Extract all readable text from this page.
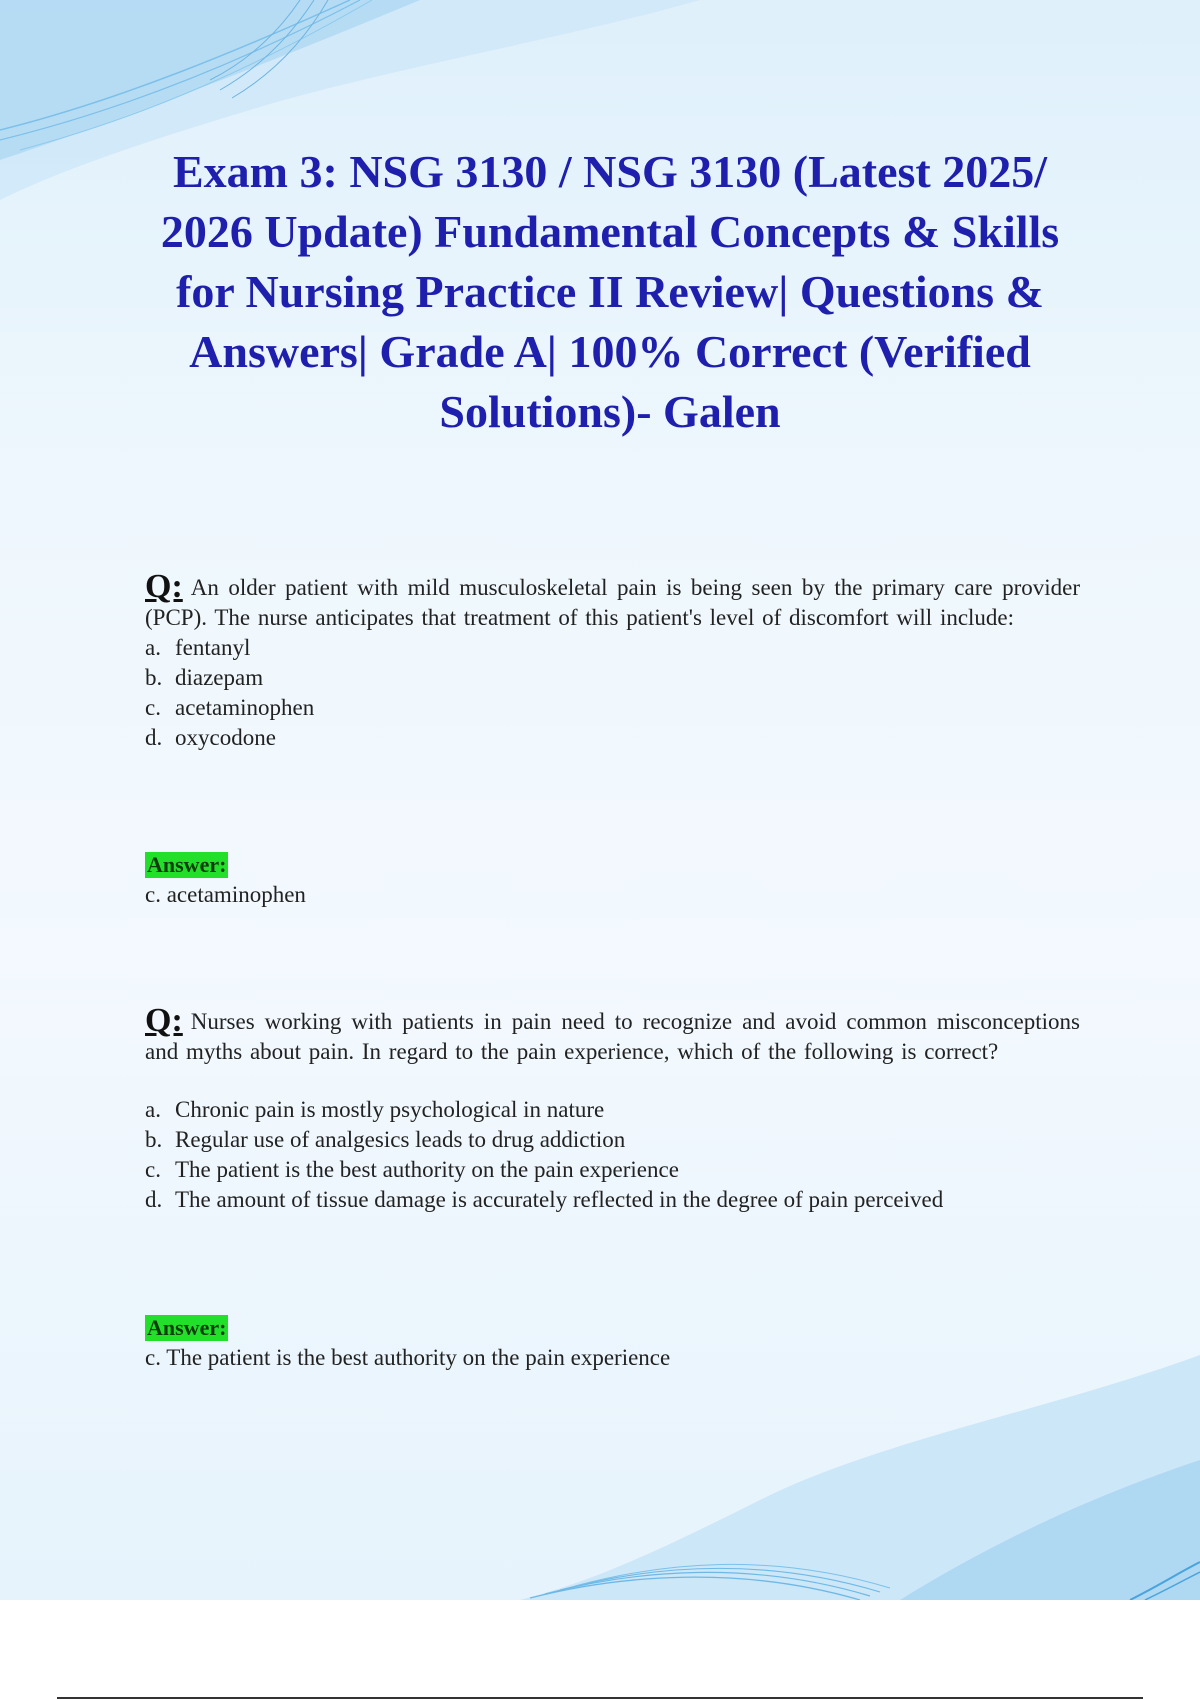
Exam 3: NSG 3130 / NSG 3130 (Latest 2025/ 2026 Update) Fundamental Concepts & Skills for Nursing Practice II Review| Questions & Answers| Grade A| 100% Correct (Verified Solutions)- Galen

Q: An older patient with mild musculoskeletal pain is being seen by the primary care provider (PCP). The nurse anticipates that treatment of this patient's level of discomfort will include:

a. fentanyl
b. diazepam
c. acetaminophen
d. oxycodone
Answer:

c. acetaminophen

Q: Nurses working with patients in pain need to recognize and avoid common misconceptions and myths about pain. In regard to the pain experience, which of the following is correct?

a. Chronic pain is mostly psychological in nature
b. Regular use of analgesics leads to drug addiction
c. The patient is the best authority on the pain experience
d. The amount of tissue damage is accurately reflected in the degree of pain perceived
Answer:

c. The patient is the best authority on the pain experience
